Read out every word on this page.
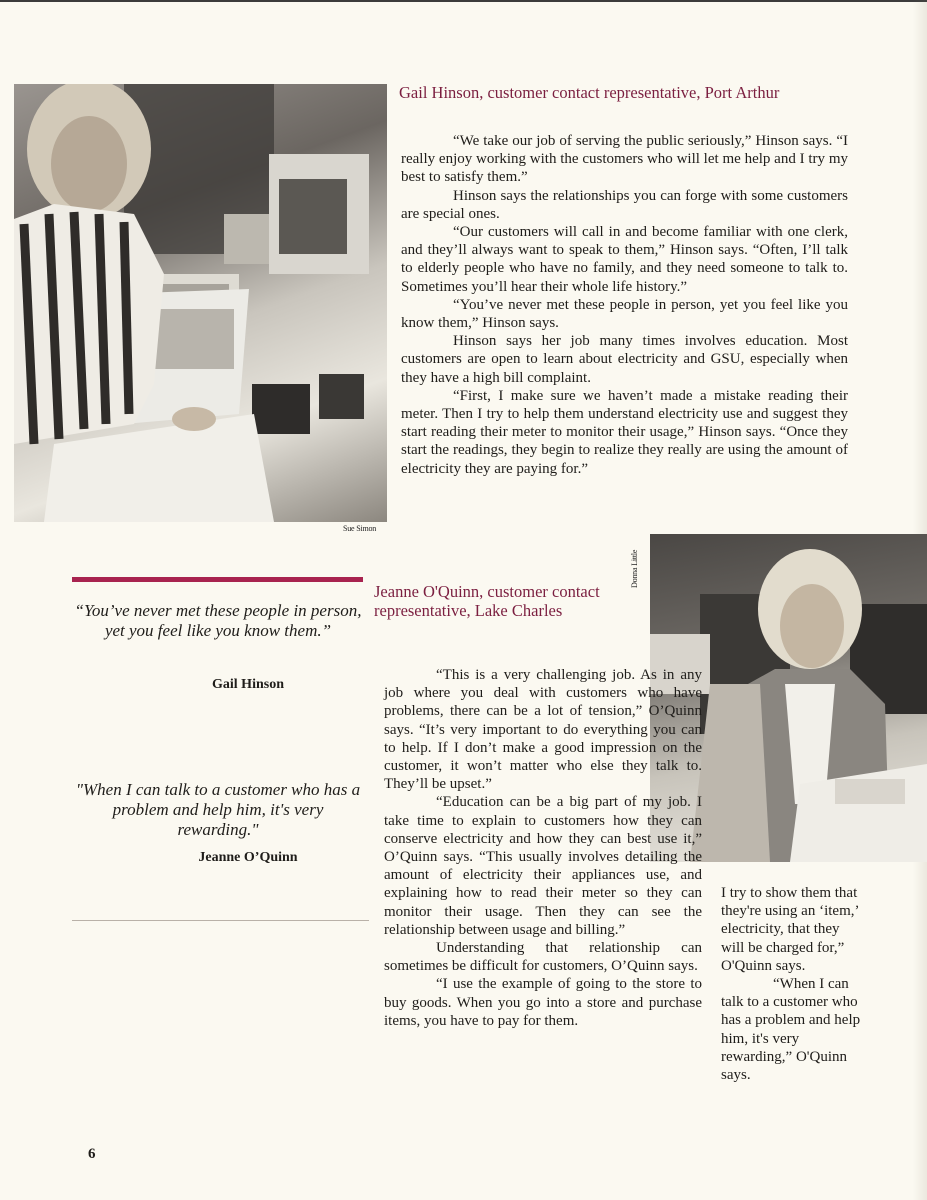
Sue Simon
Gail Hinson, customer contact representative, Port Arthur

“We take our job of serving the public seriously,” Hinson says. “I really enjoy working with the customers who will let me help and I try my best to satisfy them.”

Hinson says the relationships you can forge with some customers are special ones.

“Our customers will call in and become familiar with one clerk, and they’ll always want to speak to them,” Hinson says. “Often, I’ll talk to elderly people who have no family, and they need someone to talk to. Sometimes you’ll hear their whole life history.”

“You’ve never met these people in person, yet you feel like you know them,” Hinson says.

Hinson says her job many times involves education. Most customers are open to learn about electricity and GSU, especially when they have a high bill complaint.

“First, I make sure we haven’t made a mistake reading their meter. Then I try to help them understand electricity use and suggest they start reading their meter to monitor their usage,” Hinson says. “Once they start the readings, they begin to realize they really are using the amount of electricity they are paying for.”

“You’ve never met these people in person, yet you feel like you know them.”
Gail Hinson
"When I can talk to a customer who has a problem and help him, it's very rewarding."
Jeanne O’Quinn
Donna Little
Jeanne O'Quinn, customer contact representative, Lake Charles

“This is a very challenging job. As in any job where you deal with customers who have problems, there can be a lot of tension,” O’Quinn says. “It’s very important to do everything you can to help. If I don’t make a good impression on the customer, it won’t matter who else they talk to. They’ll be upset.”

“Education can be a big part of my job. I take time to explain to customers how they can conserve electricity and how they can best use it,” O’Quinn says. “This usually involves detailing the amount of electricity their appliances use, and explaining how to read their meter so they can monitor their usage. Then they can see the relationship between usage and billing.”

Understanding that relationship can sometimes be difficult for customers, O’Quinn says.

“I use the example of going to the store to buy goods. When you go into a store and purchase items, you have to pay for them.

I try to show them that they're using an ‘item,’ electricity, that they will be charged for,” O'Quinn says.

“When I can talk to a customer who has a problem and help him, it's very rewarding,” O'Quinn says.

6
